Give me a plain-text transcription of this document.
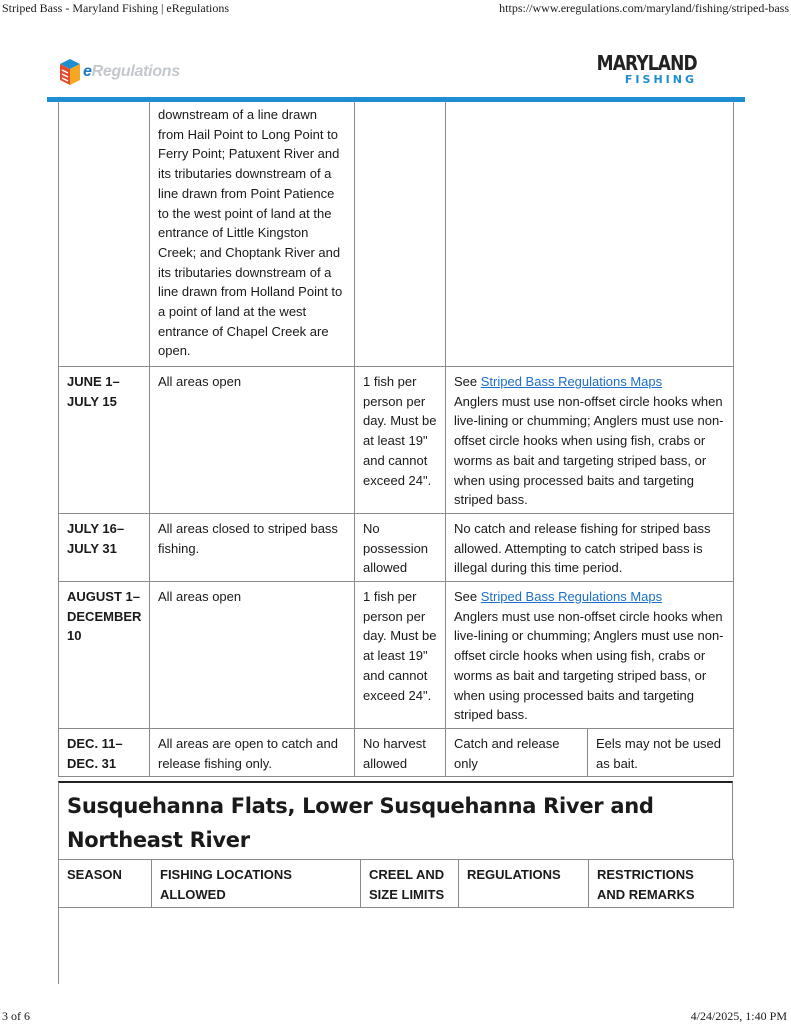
Striped Bass - Maryland Fishing | eRegulations	https://www.eregulations.com/maryland/fishing/striped-bass
eRegulations	MARYLAND
FISHING
	downstream of a line drawn from Hail Point to Long Point to Ferry Point; Patuxent River and its tributaries downstream of a line drawn from Point Patience to the west point of land at the entrance of Little Kingston Creek; and Choptank River and its tributaries downstream of a line drawn from Holland Point to a point of land at the west entrance of Chapel Creek are open.			
JUNE 1– JULY 15	All areas open	1 fish per person per day. Must be at least 19" and cannot exceed 24".	See Striped Bass Regulations Maps
Anglers must use non-offset circle hooks when live-lining or chumming; Anglers must use non-offset circle hooks when using fish, crabs or worms as bait and targeting striped bass, or when using processed baits and targeting striped bass.	
JULY 16– JULY 31	All areas closed to striped bass fishing.	No possession allowed	No catch and release fishing for striped bass allowed. Attempting to catch striped bass is illegal during this time period.	
AUGUST 1– DECEMBER 10	All areas open	1 fish per person per day. Must be at least 19" and cannot exceed 24".	See Striped Bass Regulations Maps
Anglers must use non-offset circle hooks when live-lining or chumming; Anglers must use non-offset circle hooks when using fish, crabs or worms as bait and targeting striped bass, or when using processed baits and targeting striped bass.	
DEC. 11– DEC. 31	All areas are open to catch and release fishing only.	No harvest allowed	Catch and release only	Eels may not be used as bait.
Susquehanna Flats, Lower Susquehanna River and Northeast River
SEASON	FISHING LOCATIONS ALLOWED	CREEL AND SIZE LIMITS	REGULATIONS	RESTRICTIONS AND REMARKS
3 of 6	4/24/2025, 1:40 PM
